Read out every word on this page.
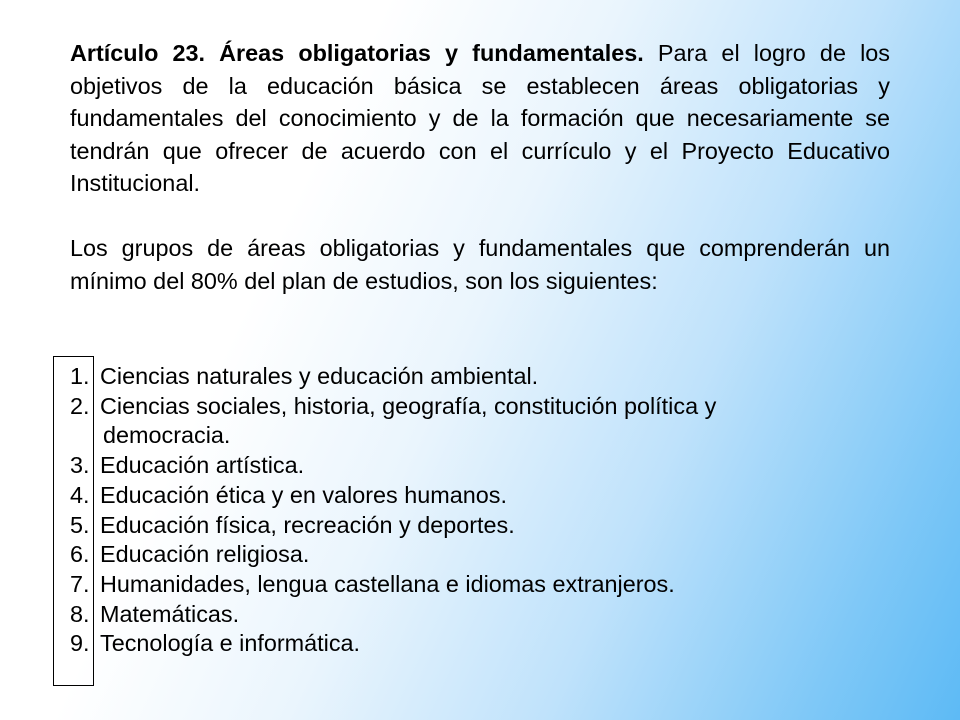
Artículo 23. Áreas obligatorias y fundamentales. Para el logro de los objetivos de la educación básica se establecen áreas obligatorias y fundamentales del conocimiento y de la formación que necesariamente se tendrán que ofrecer de acuerdo con el currículo y el Proyecto Educativo Institucional.

Los grupos de áreas obligatorias y fundamentales que comprenderán un mínimo del 80% del plan de estudios, son los siguientes:

1. Ciencias naturales y educación ambiental.
2. Ciencias sociales, historia, geografía, constitución política y
democracia.
3. Educación artística.
4. Educación ética y en valores humanos.
5. Educación física, recreación y deportes.
6. Educación religiosa.
7. Humanidades, lengua castellana e idiomas extranjeros.
8. Matemáticas.
9. Tecnología e informática.
